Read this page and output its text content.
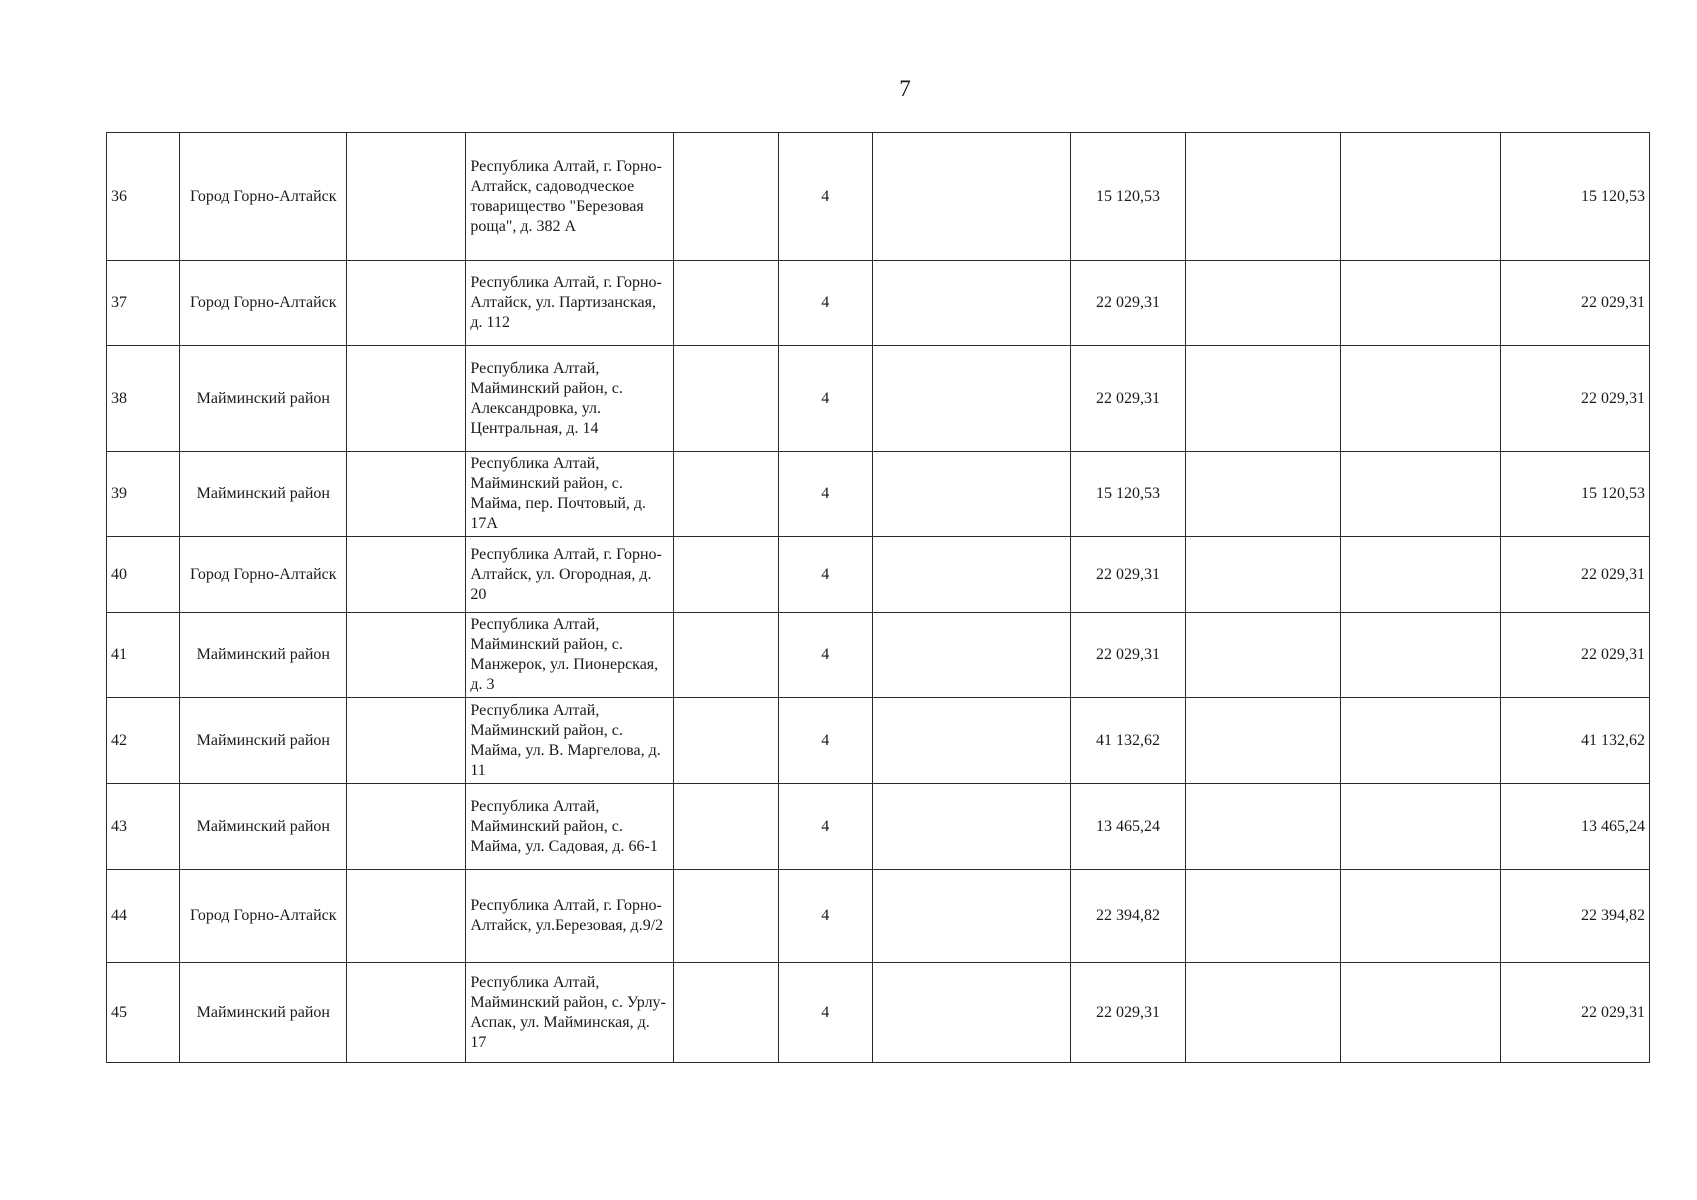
7
36	Город Горно-Алтайск		Республика Алтай, г. Горно-Алтайск, садоводческое товарищество "Березовая роща", д. 382 А		4		15 120,53			15 120,53
37	Город Горно-Алтайск		Республика Алтай, г. Горно-Алтайск, ул. Партизанская, д. 112		4		22 029,31			22 029,31
38	Майминский район		Республика Алтай, Майминский район, с. Александровка, ул. Центральная, д. 14		4		22 029,31			22 029,31
39	Майминский район		Республика Алтай, Майминский район, с. Майма, пер. Почтовый, д. 17А		4		15 120,53			15 120,53
40	Город Горно-Алтайск		Республика Алтай, г. Горно-Алтайск, ул. Огородная, д. 20		4		22 029,31			22 029,31
41	Майминский район		Республика Алтай, Майминский район, с. Манжерок, ул. Пионерская, д. 3		4		22 029,31			22 029,31
42	Майминский район		Республика Алтай, Майминский район, с. Майма, ул. В. Маргелова, д. 11		4		41 132,62			41 132,62
43	Майминский район		Республика Алтай, Майминский район, с. Майма, ул. Садовая, д. 66-1		4		13 465,24			13 465,24
44	Город Горно-Алтайск		Республика Алтай, г. Горно-Алтайск, ул.Березовая, д.9/2		4		22 394,82			22 394,82
45	Майминский район		Республика Алтай, Майминский район, с. Урлу-Аспак, ул. Майминская, д. 17		4		22 029,31			22 029,31
